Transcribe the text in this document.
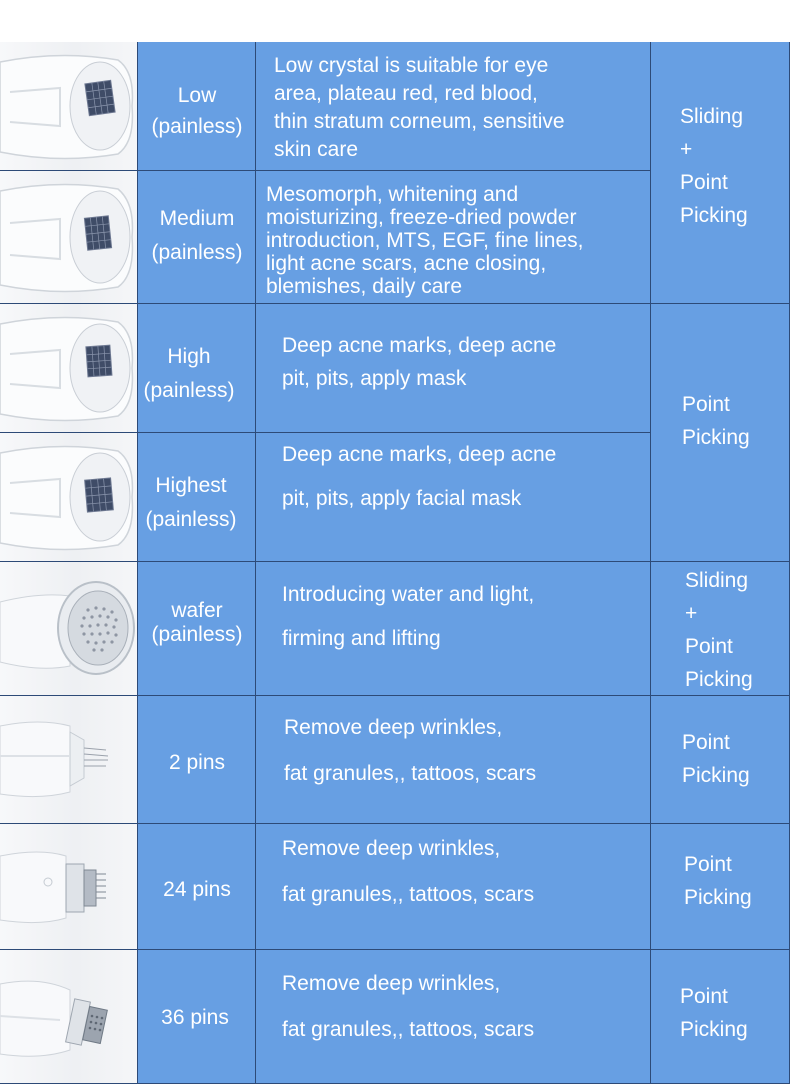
Low
(painless)
Low crystal is suitable for eye
area, plateau red, red blood,
thin stratum corneum, sensitive
skin care
Sliding
+
Point
Picking
Medium
(painless)
Mesomorph, whitening and
moisturizing, freeze-dried powder
introduction, MTS, EGF, fine lines,
light acne scars, acne closing,
blemishes, daily care
High
(painless)
Deep acne marks, deep acne
pit, pits, apply mask
Point
Picking
Highest
(painless)
Deep acne marks, deep acne

pit, pits, apply facial mask
wafer
(painless)
Introducing water and light,

firming and lifting
Sliding
+
Point
Picking
2 pins
Remove deep wrinkles,

fat granules,, tattoos, scars
Point
Picking
24 pins
Remove deep wrinkles,

fat granules,, tattoos, scars
Point
Picking
36 pins
Remove deep wrinkles,

fat granules,, tattoos, scars
Point
Picking
